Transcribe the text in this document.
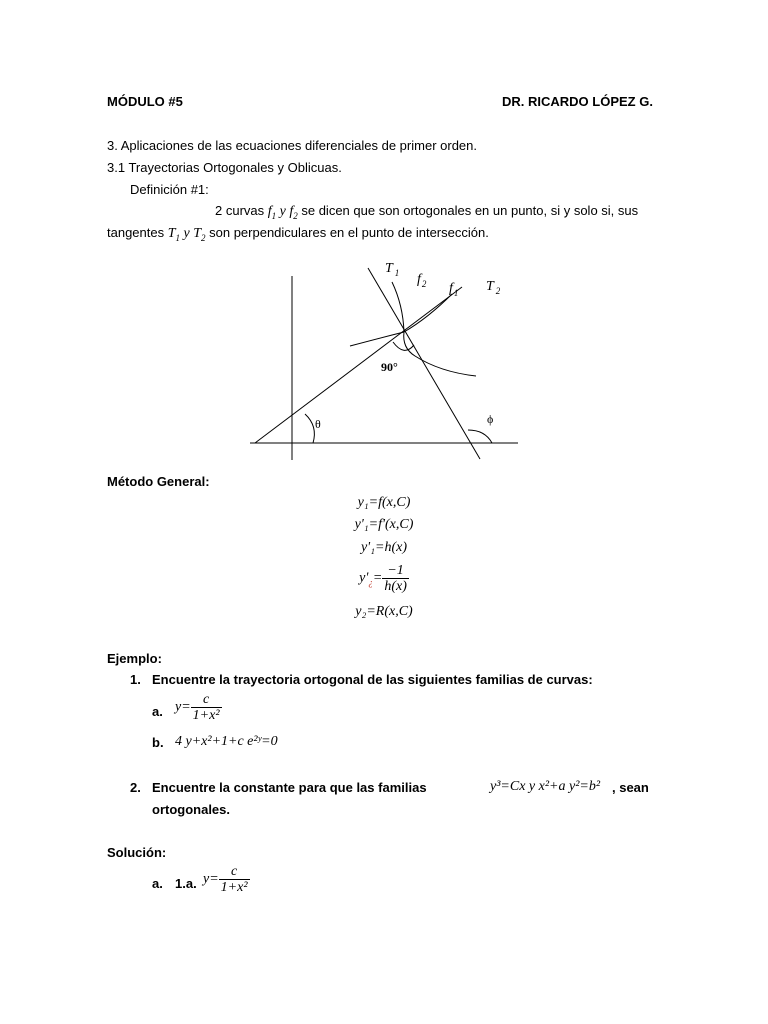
MÓDULO #5	DR. RICARDO LÓPEZ G.
3. Aplicaciones de las ecuaciones diferenciales de primer orden.
3.1 Trayectorias Ortogonales y Oblicuas.
Definición #1:
2 curvas $f_1$ y $f_2$ se dicen que son ortogonales en un punto, si y solo si, sus
tangentes $T_1$ y $T_2$ son perpendiculares en el punto de intersección.
T $_1$ $f_2$ $f_1$ T $_2$
90°
θ	ϕ
Método General:
y₁=f(x,C)
y'₁=f'(x,C)
y'₁=h(x)
$y'_¿= \frac{-1}{h(x)}$
y₂=R(x,C)
Ejemplo:
1. Encuentre la trayectoria ortogonal de las siguientes familias de curvas:
a. $y= \frac{c}{\text{1+x²}}$
b. 4 y+x²+1+c e²ʸ=0
2. Encuentre la constante para que las familias	y³=Cx y x²+a y²=b² , sean
ortogonales.
Solución:
a. 1.a. $y= \frac{c}{\text{1+x²}}$
